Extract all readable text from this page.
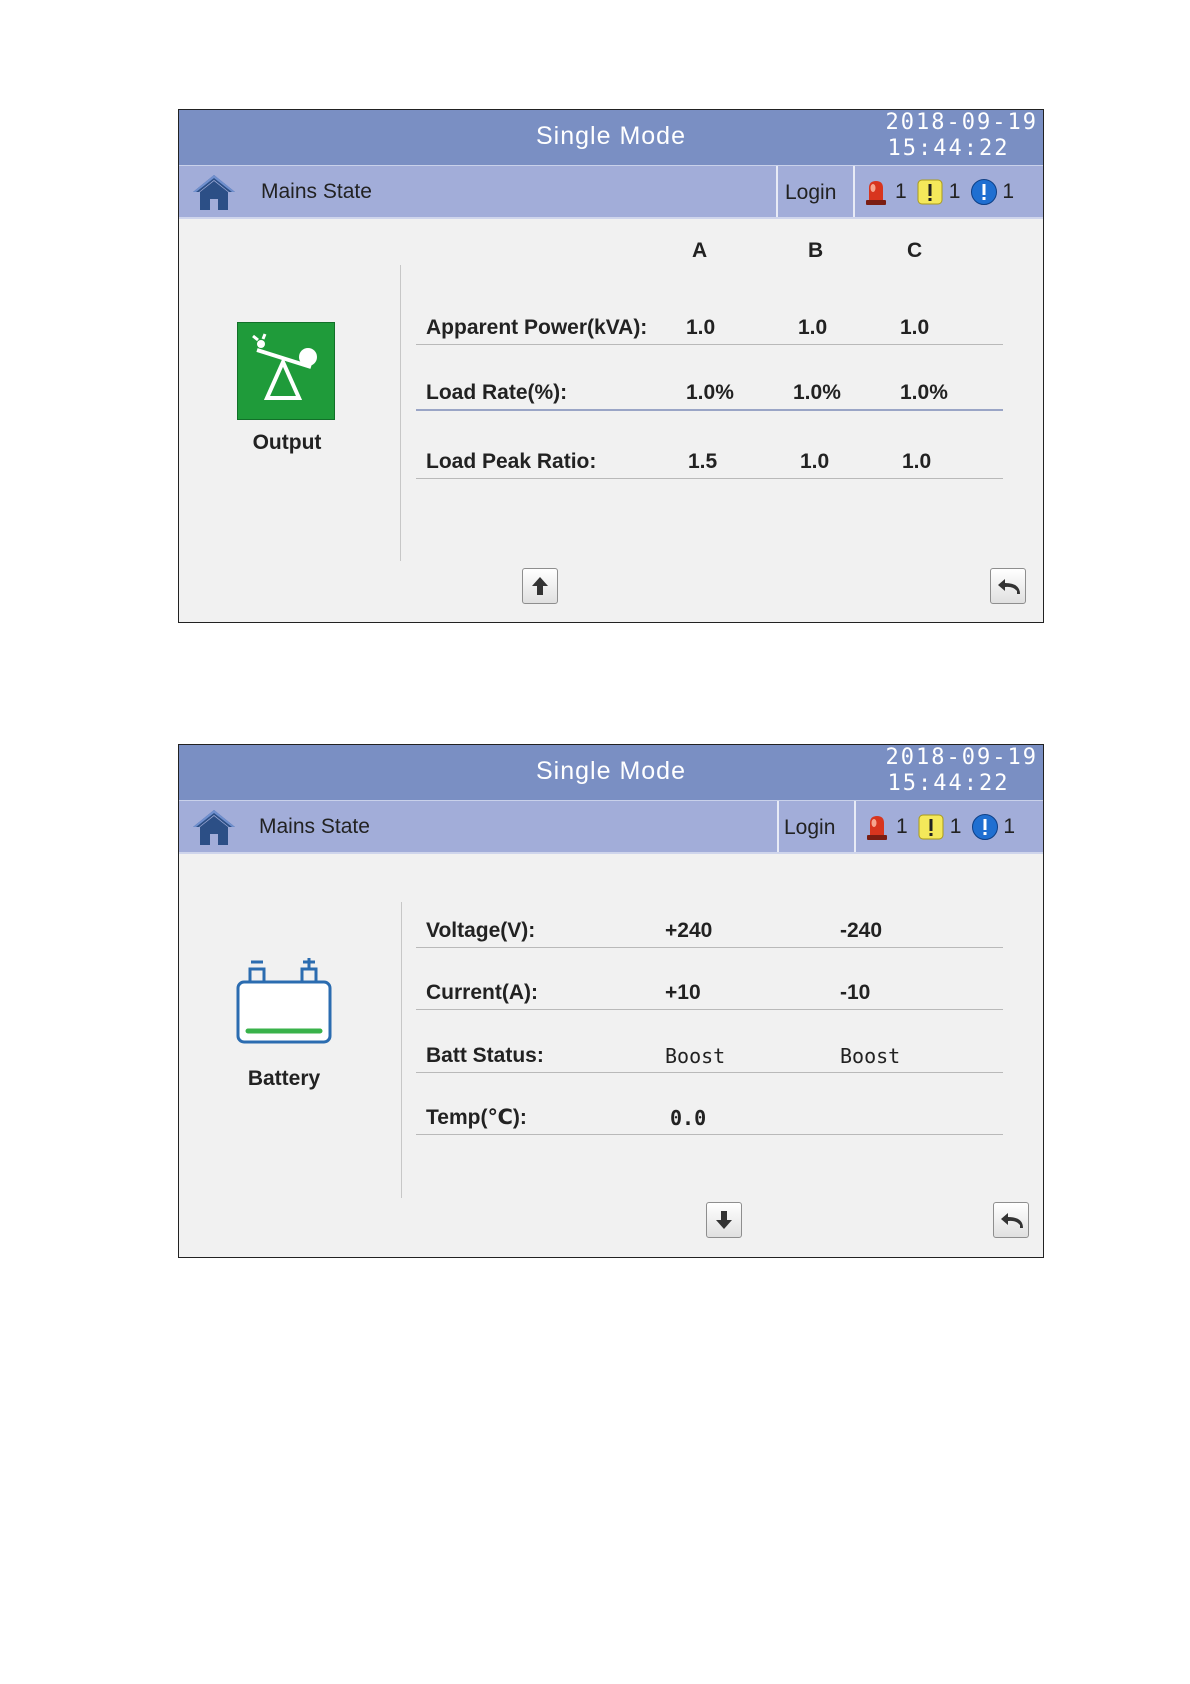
Single Mode	2018-09-19
15:44:22
Mains State	Login	1 1 1
Output
A	B	C
Apparent Power(kVA): 1.0	1.0	1.0
Load Rate(%):	1.0%	1.0%	1.0%
Load Peak Ratio:	1.5	1.0	1.0
Single Mode	2018-09-19
15:44:22
Mains State	Login	1 1 1
Battery
Voltage(V):	+240	-240
Current(A):	+10	-10
Batt Status:	Boost	Boost
Temp(℃):	0.0
